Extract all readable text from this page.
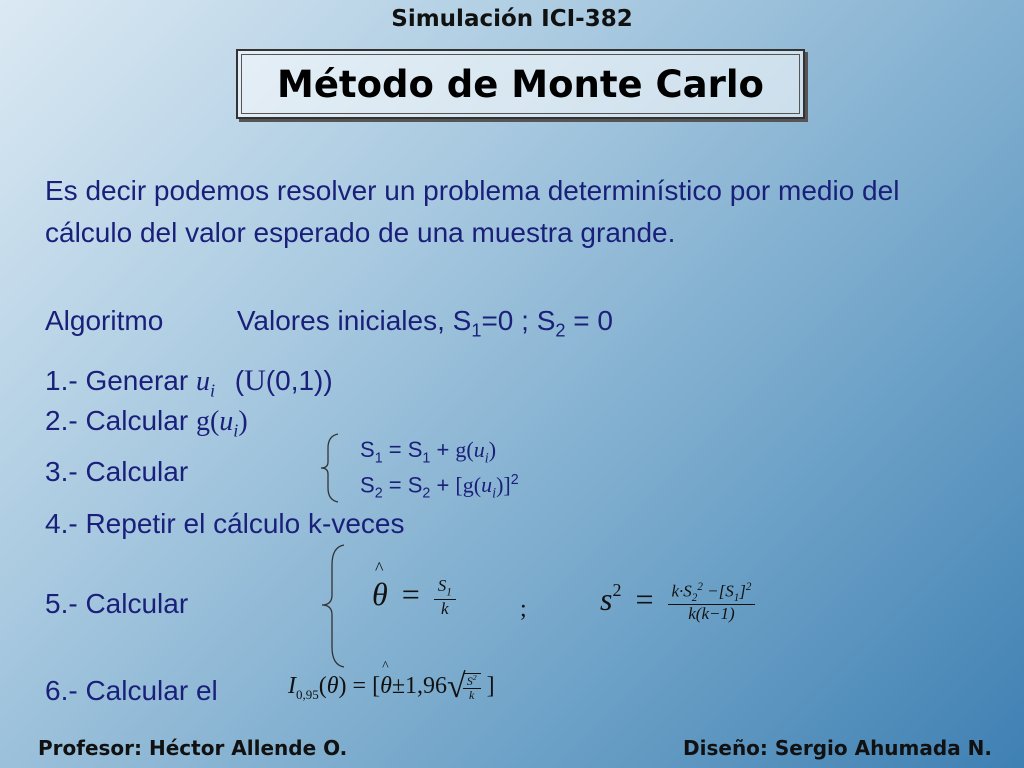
Simulación ICI-382
Método de Monte Carlo
Es decir podemos resolver un problema determinístico por medio del cálculo del valor esperado de una muestra grande.
Algoritmo	Valores iniciales, $S_1=0$ ; $S_2 = 0$
1.- Generar $u_i$ (U(0,1))
2.- Calcular $g(u_i)$
3.- Calcular
$S_1 = S_1 + g(u_i)$
$S_2 = S_2 + [g(u_i)]^2$
4.- Repetir el cálculo k-veces
5.- Calcular	θ
^
= $\frac{S_1}{k}$	; $s^2 = \frac{k\cdot S_2^2 -[S_1]^2}{k(k-1)}$
6.- Calcular el	$I_{0,95}(\theta) = [\theta$
^
±1,96√
$\frac{S^2}{k}$ ]
Profesor: Héctor Allende O.	Diseño: Sergio Ahumada N.
